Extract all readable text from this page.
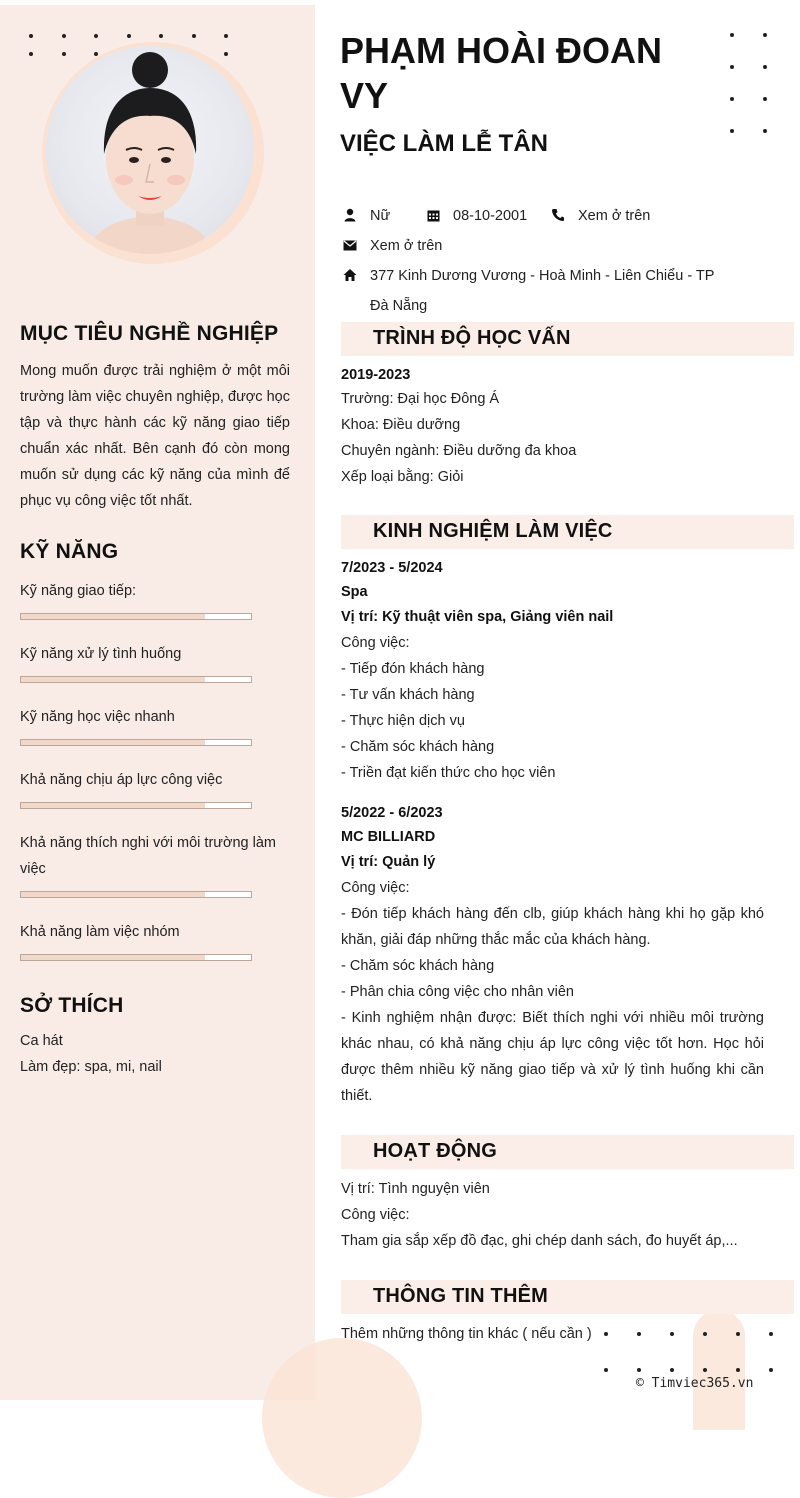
MỤC TIÊU NGHỀ NGHIỆP

Mong muốn được trải nghiệm ở một môi trường làm việc chuyên nghiệp, được học tập và thực hành các kỹ năng giao tiếp chuẩn xác nhất. Bên cạnh đó còn mong muốn sử dụng các kỹ năng của mình để phục vụ công việc tốt nhất.

KỸ NĂNG

Kỹ năng giao tiếp:

Kỹ năng xử lý tình huống

Kỹ năng học việc nhanh

Khả năng chịu áp lực công việc

Khả năng thích nghi với môi trường làm việc

Khả năng làm việc nhóm

SỞ THÍCH

Ca hát

Làm đẹp: spa, mi, nail

PHẠM HOÀI ĐOAN VY
VIỆC LÀM LỄ TÂN
Nữ	08-10-2001	Xem ở trên
Xem ở trên
377 Kinh Dương Vương - Hoà Minh - Liên Chiểu - TP
Đà Nẵng
TRÌNH ĐỘ HỌC VẤN

2019-2023

Trường: Đại học Đông Á

Khoa: Điều dưỡng

Chuyên ngành: Điều dưỡng đa khoa

Xếp loại bằng: Giỏi

KINH NGHIỆM LÀM VIỆC

7/2023 - 5/2024

Spa

Vị trí: Kỹ thuật viên spa, Giảng viên nail

Công việc:

- Tiếp đón khách hàng

- Tư vấn khách hàng

- Thực hiện dịch vụ

- Chăm sóc khách hàng

- Triền đạt kiến thức cho học viên

5/2022 - 6/2023

MC BILLIARD

Vị trí: Quản lý

Công việc:

- Đón tiếp khách hàng đến clb, giúp khách hàng khi họ gặp khó khăn, giải đáp những thắc mắc của khách hàng.

- Chăm sóc khách hàng

- Phân chia công việc cho nhân viên

- Kinh nghiệm nhận được: Biết thích nghi với nhiều môi trường khác nhau, có khả năng chịu áp lực công việc tốt hơn. Học hỏi được thêm nhiều kỹ năng giao tiếp và xử lý tình huống khi cần thiết.

HOẠT ĐỘNG

Vị trí: Tình nguyện viên

Công việc:

Tham gia sắp xếp đồ đạc, ghi chép danh sách, đo huyết áp,...

THÔNG TIN THÊM

Thêm những thông tin khác ( nếu cần )

© Timviec365.vn
